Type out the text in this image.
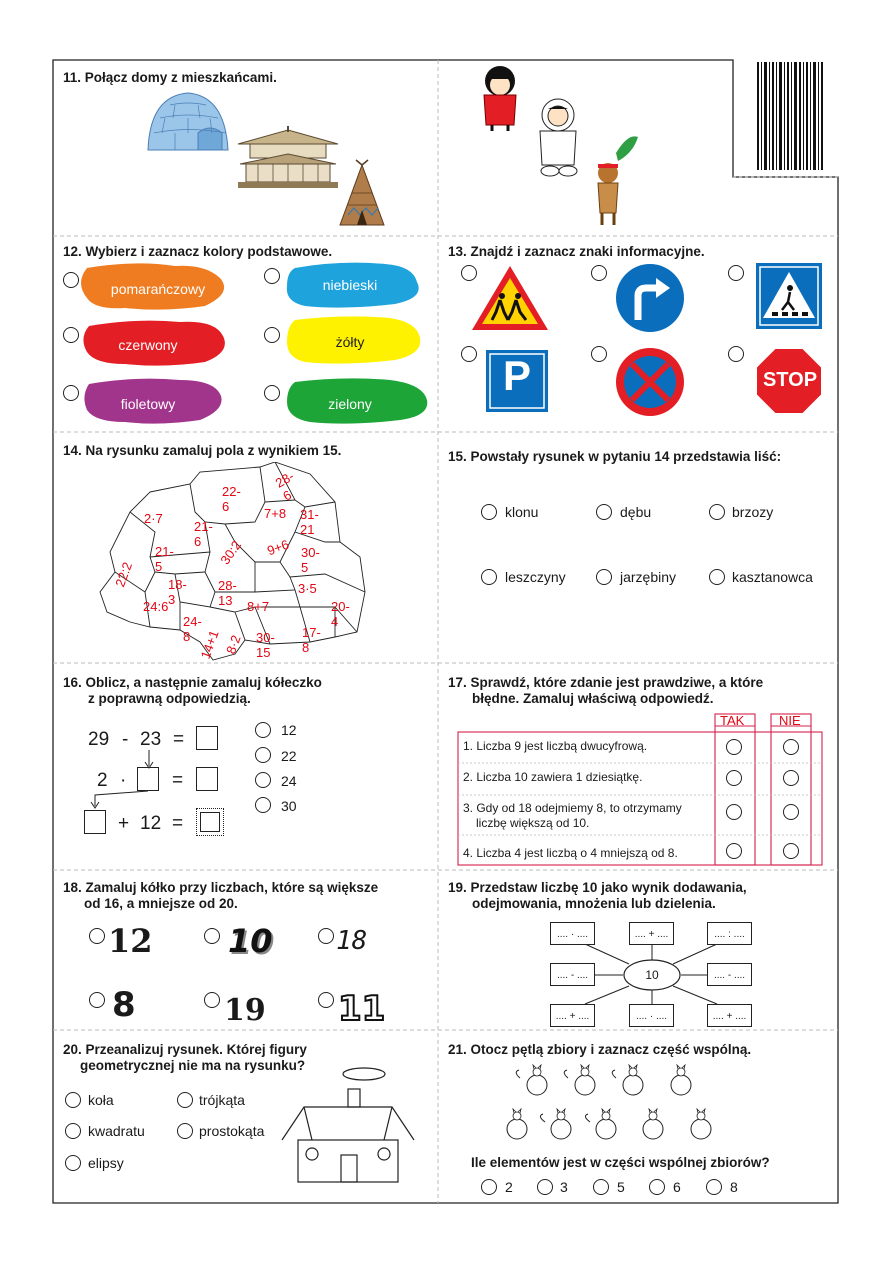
11. Połącz domy z mieszkańcami.
12. Wybierz i zaznacz kolory podstawowe.
pomarańczowy	niebieski
czerwony	żółty
fioletowy	zielony
13. Znajdź i zaznacz znaki informacyjne.
P	STOP
14. Na rysunku zamaluj pola z wynikiem 15.
28-6
22-6	7+8 31-21
2·7
21-6	30:2 9+6 30-5
21-5
18-3
28-13
3·5
22:2
24:6	8+7	20-4
24-8 14+1 8·2 30-15
17-8
15. Powstały rysunek w pytaniu 14 przedstawia liść:
klonu	dębu	brzozy
leszczyny	jarzębiny	kasztanowca
16. Oblicz, a następnie zamaluj kółeczko
z poprawną odpowiedzią.
29 - 23 =
2 · =
+ 12 =
12
22
24
30
17. Sprawdź, które zdanie jest prawdziwe, a które
błędne. Zamaluj właściwą odpowiedź.
TAK	NIE
1. Liczba 9 jest liczbą dwucyfrową.
2. Liczba 10 zawiera 1 dziesiątkę.
3. Gdy od 18 odejmiemy 8, to otrzymamy
liczbę większą od 10.
4. Liczba 4 jest liczbą o 4 mniejszą od 8.
18. Zamaluj kółko przy liczbach, które są większe
od 16, a mniejsze od 20.
12 10 18
8	19 11
19. Przedstaw liczbę 10 jako wynik dodawania,
odejmowania, mnożenia lub dzielenia.
10
.... · ....	.... + ....	.... : ....
.... - ....	.... - ....
.... + ....	.... · ....	.... + ....
20. Przeanalizuj rysunek. Której figury
geometrycznej nie ma na rysunku?
koła	trójkąta
kwadratu	prostokąta
elipsy
21. Otocz pętlą zbiory i zaznacz część wspólną.
Ile elementów jest w części wspólnej zbiorów?
2	3	5	6	8
